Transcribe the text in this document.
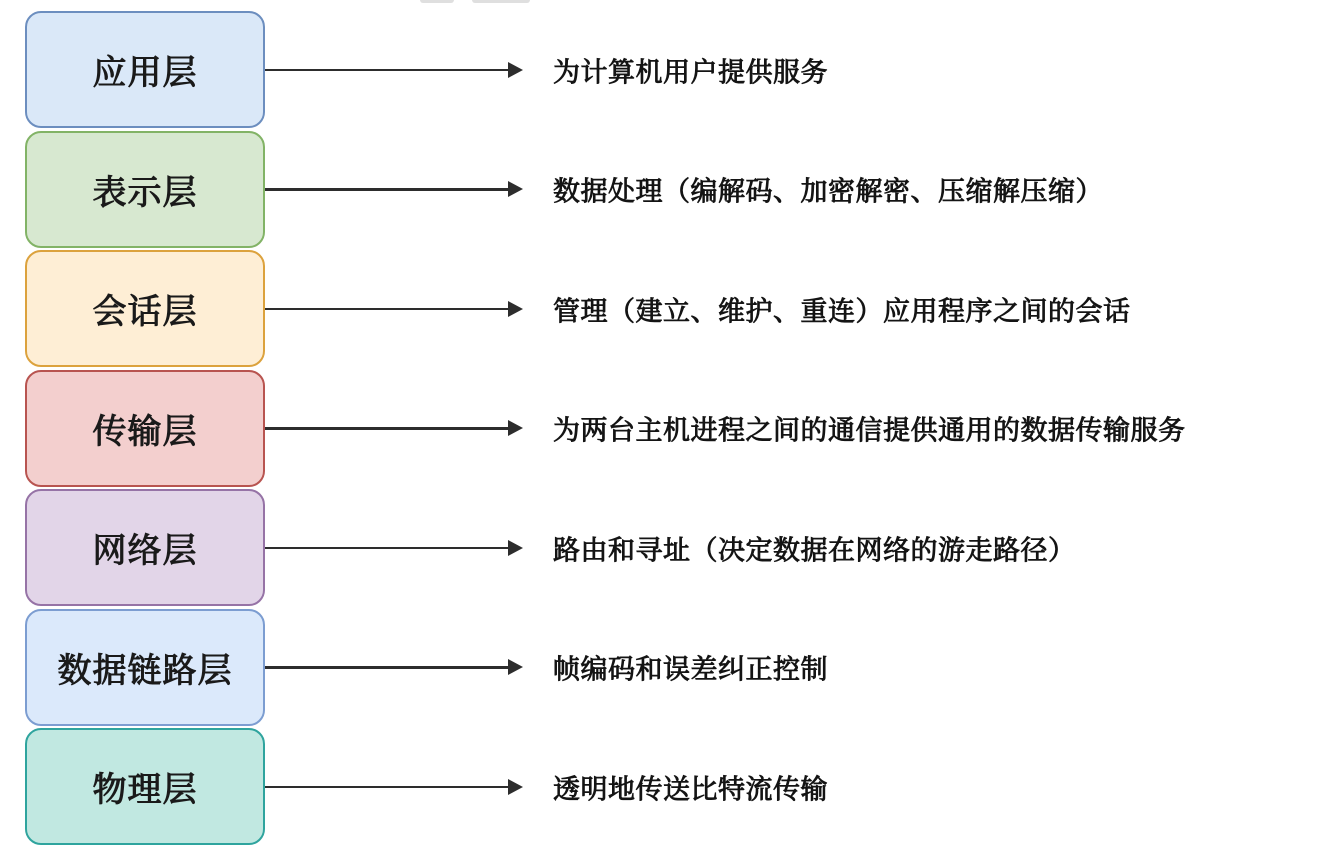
应用层	为计算机用户提供服务
表示层	数据处理（编解码、加密解密、压缩解压缩）
会话层	管理（建立、维护、重连）应用程序之间的会话
传输层	为两台主机进程之间的通信提供通用的数据传输服务
网络层	路由和寻址（决定数据在网络的游走路径）
数据链路层	帧编码和误差纠正控制
物理层	透明地传送比特流传输
